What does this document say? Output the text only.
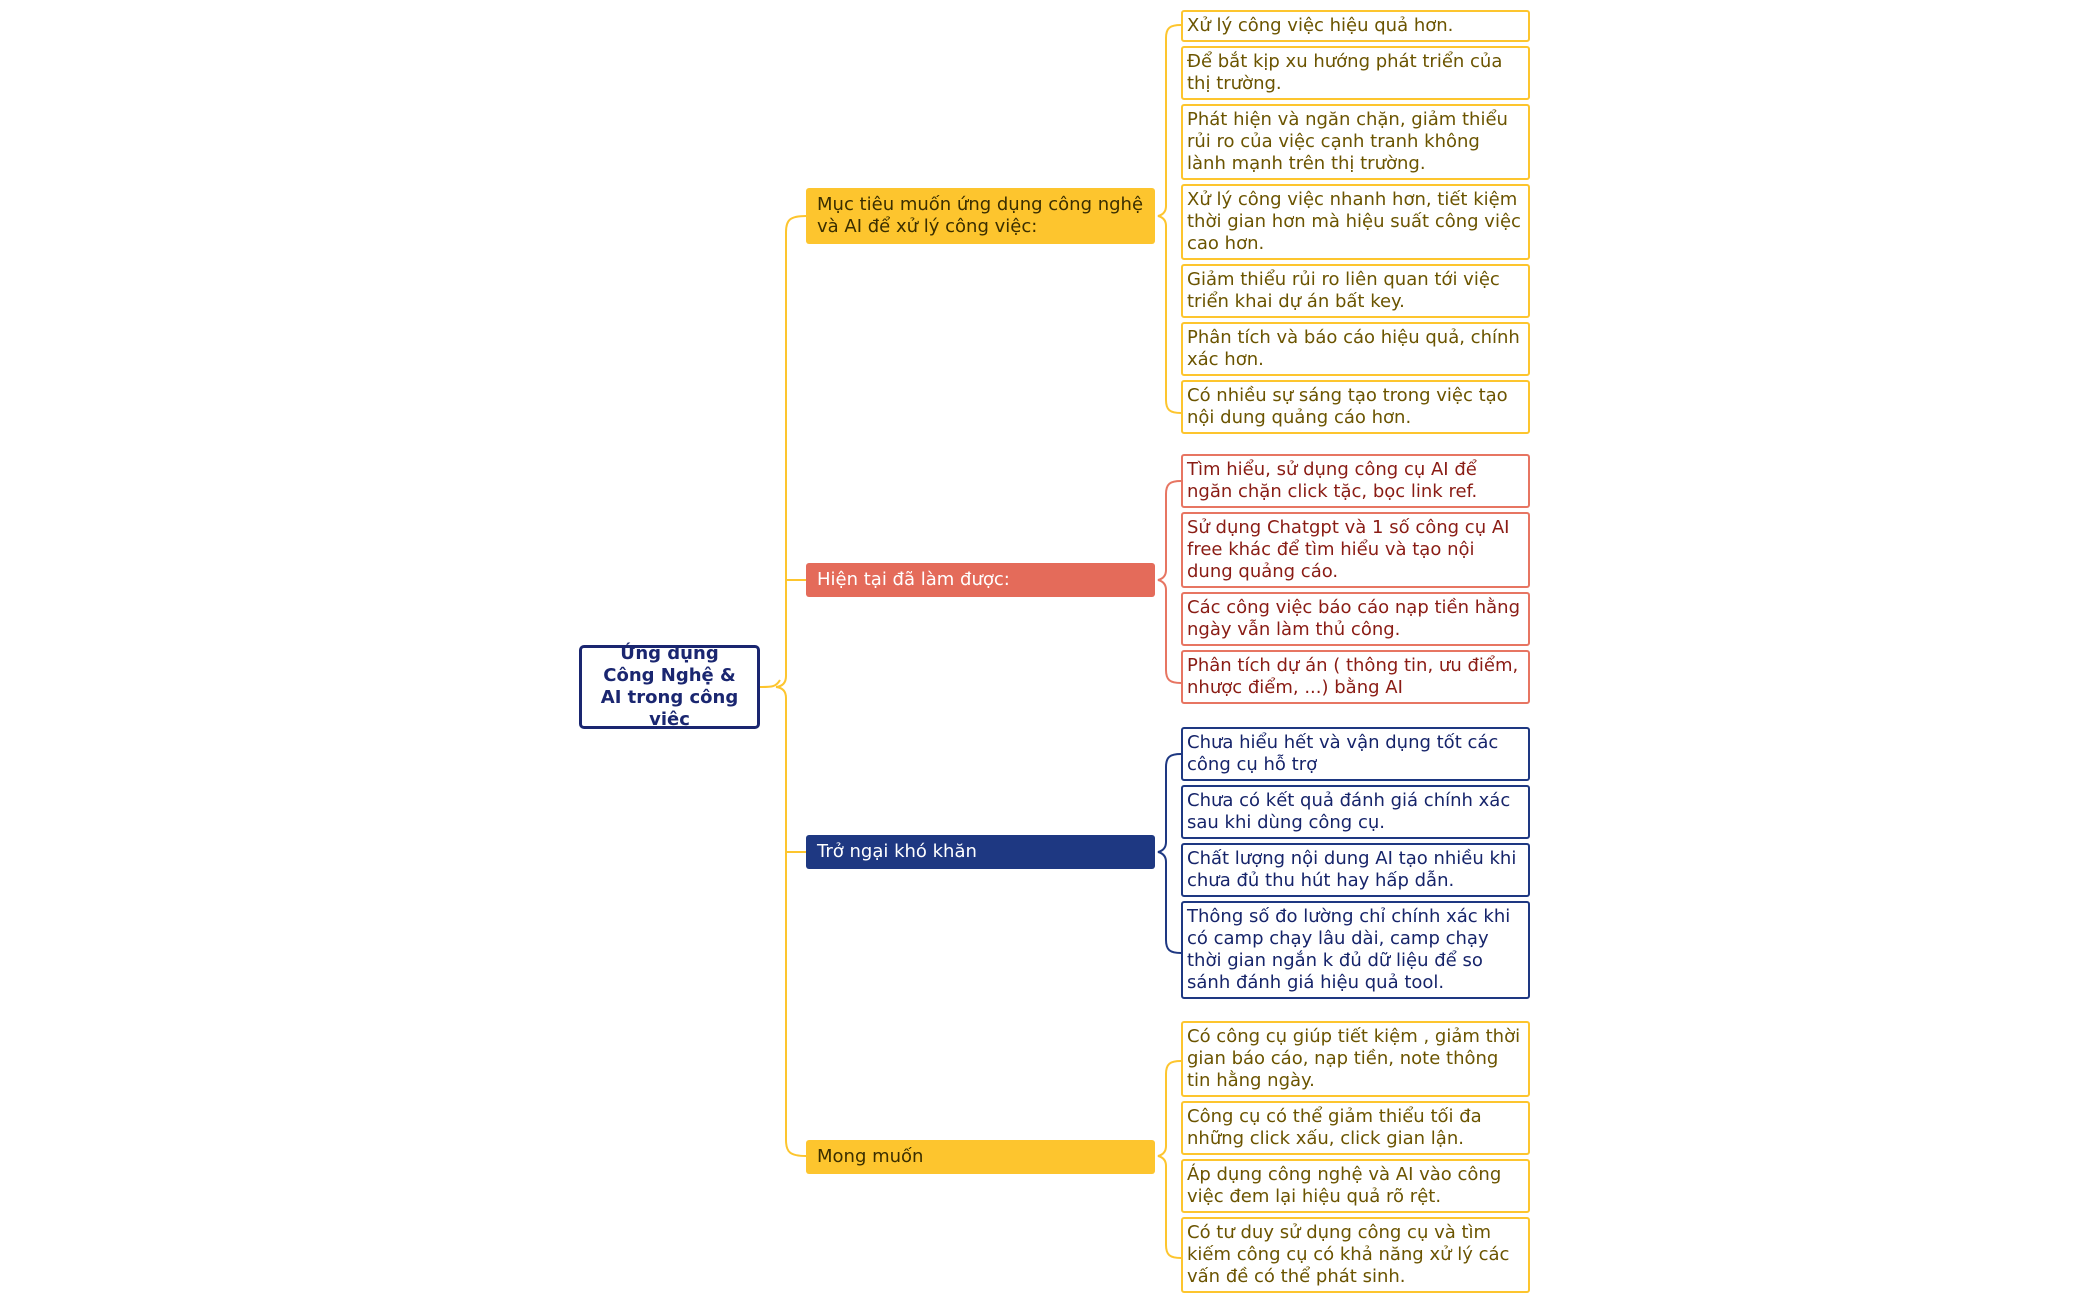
Ứng dụng Công Nghệ & AI trong công việc
Mục tiêu muốn ứng dụng công nghệ và AI để xử lý công việc:
Xử lý công việc hiệu quả hơn.
Để bắt kịp xu hướng phát triển của thị trường.
Phát hiện và ngăn chặn, giảm thiểu rủi ro của việc cạnh tranh không lành mạnh trên thị trường.
Xử lý công việc nhanh hơn, tiết kiệm thời gian hơn mà hiệu suất công việc cao hơn.
Giảm thiểu rủi ro liên quan tới việc triển khai dự án bất key.
Phân tích và báo cáo hiệu quả, chính xác hơn.
Có nhiều sự sáng tạo trong việc tạo nội dung quảng cáo hơn.
Hiện tại đã làm được:
Tìm hiểu, sử dụng công cụ AI để ngăn chặn click tặc, bọc link ref.
Sử dụng Chatgpt và 1 số công cụ AI free khác để tìm hiểu và tạo nội dung quảng cáo.
Các công việc báo cáo nạp tiền hằng ngày vẫn làm thủ công.
Phân tích dự án ( thông tin, ưu điểm, nhược điểm, ...) bằng AI
Trở ngại khó khăn
Chưa hiểu hết và vận dụng tốt các công cụ hỗ trợ
Chưa có kết quả đánh giá chính xác sau khi dùng công cụ.
Chất lượng nội dung AI tạo nhiều khi chưa đủ thu hút hay hấp dẫn.
Thông số đo lường chỉ chính xác khi có camp chạy lâu dài, camp chạy thời gian ngắn k đủ dữ liệu để so sánh đánh giá hiệu quả tool.
Mong muốn
Có công cụ giúp tiết kiệm , giảm thời gian báo cáo, nạp tiền, note thông tin hằng ngày.
Công cụ có thể giảm thiểu tối đa những click xấu, click gian lận.
Áp dụng công nghệ và AI vào công việc đem lại hiệu quả rõ rệt.
Có tư duy sử dụng công cụ và tìm kiếm công cụ có khả năng xử lý các vấn đề có thể phát sinh.
